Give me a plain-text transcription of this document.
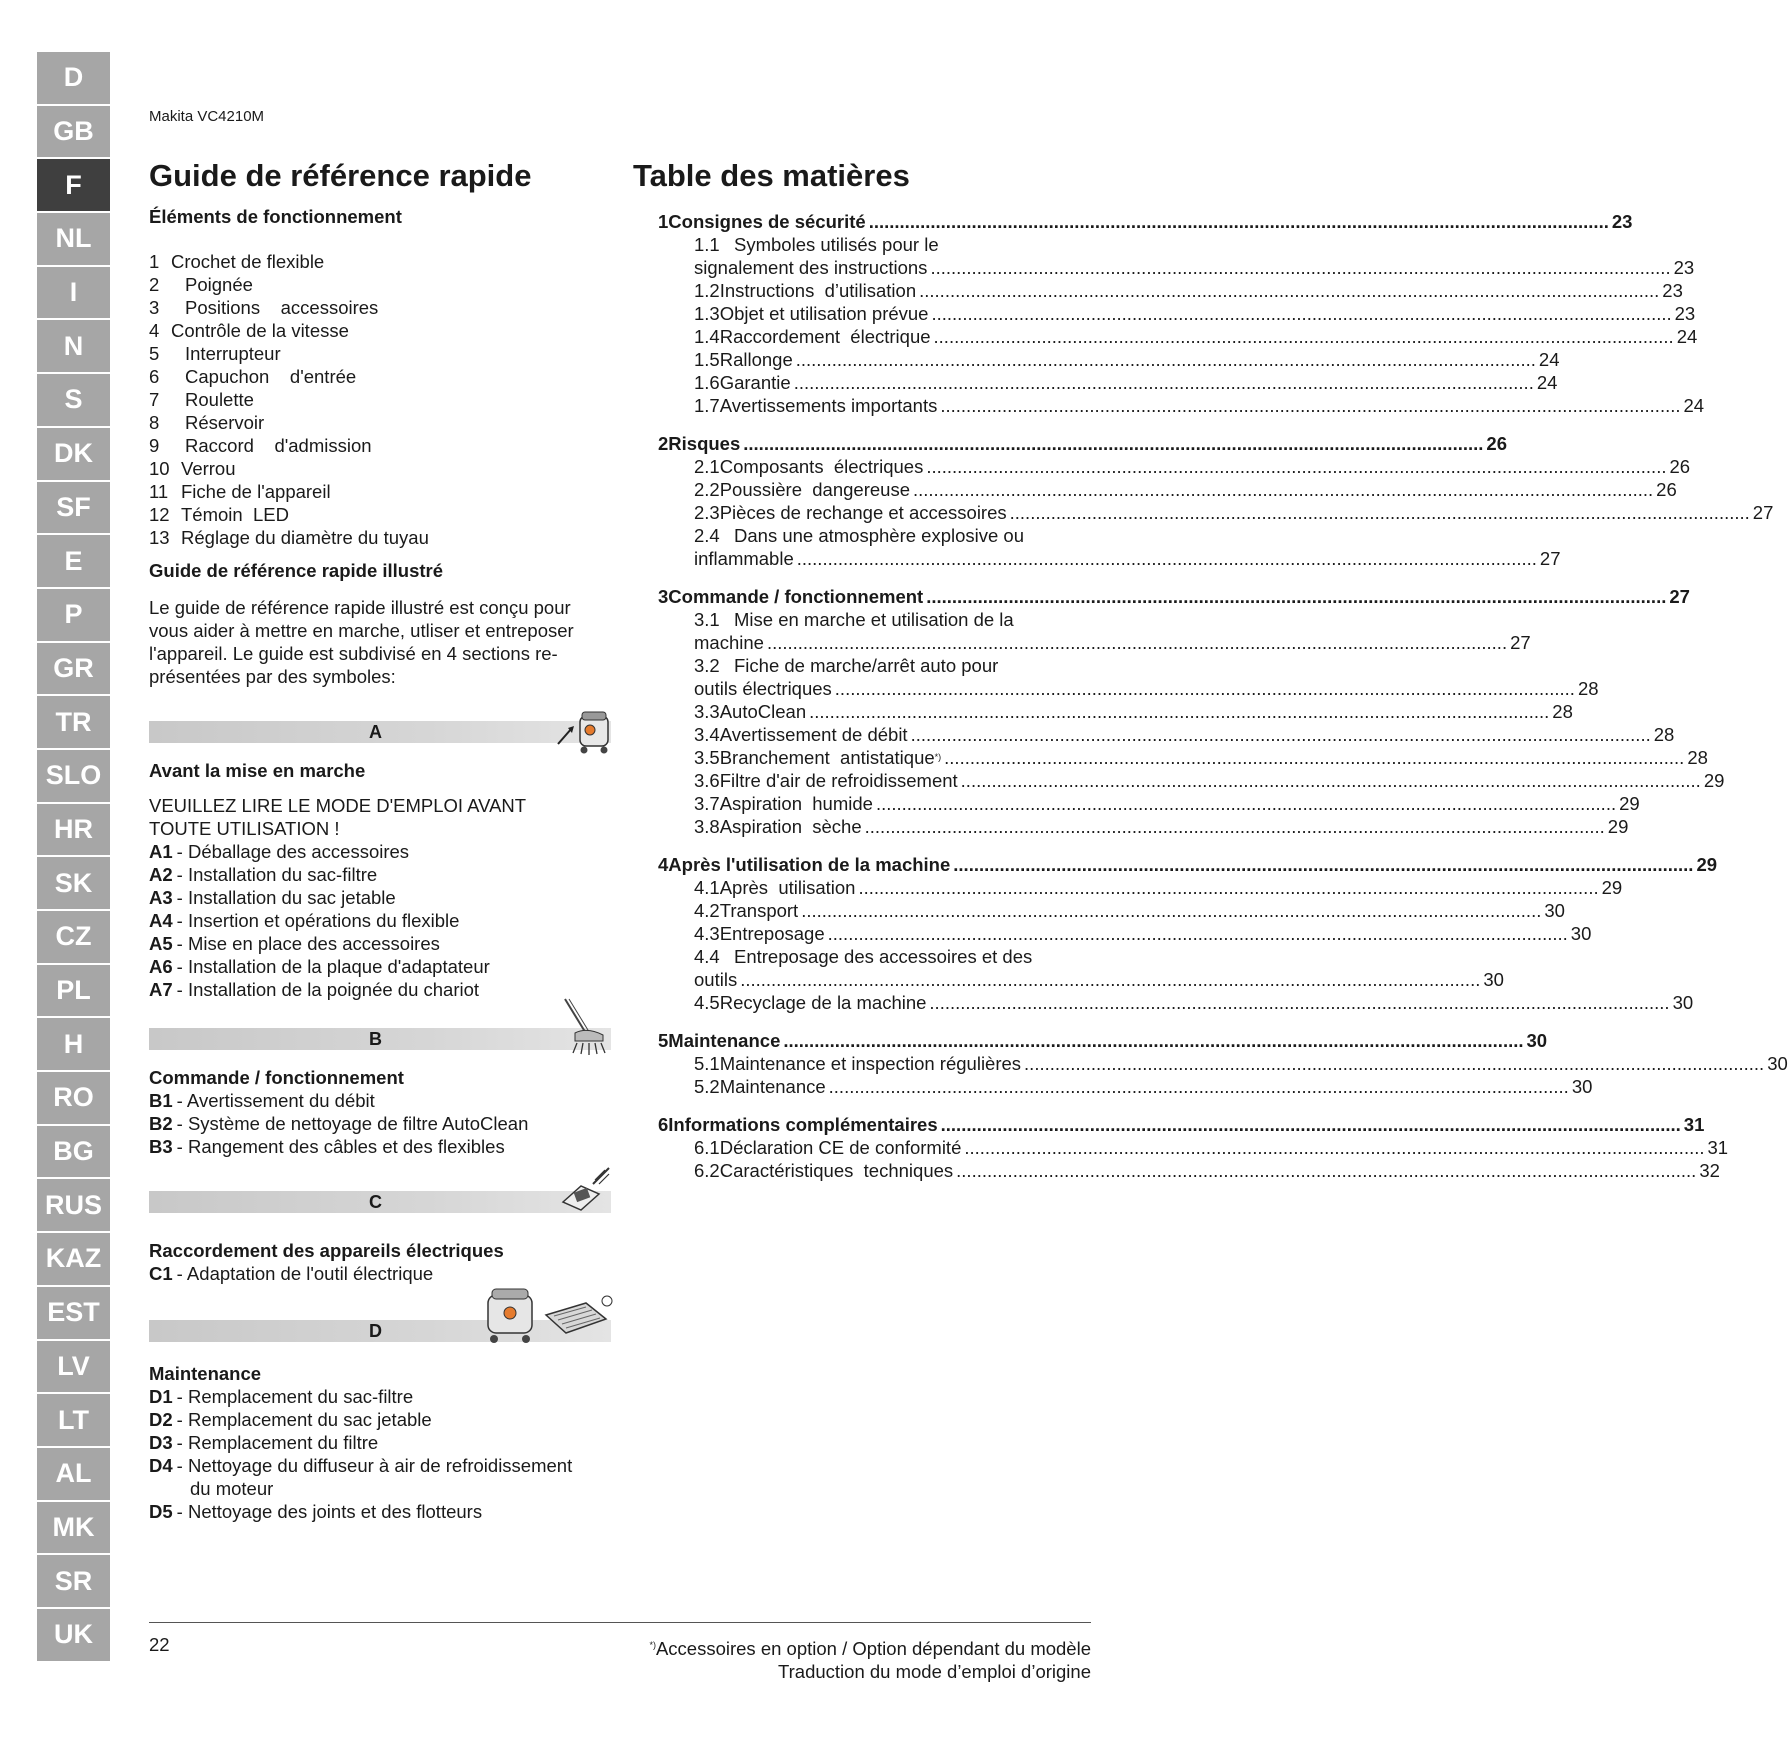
D
GB
F
NL
I
N
S
DK
SF
E
P
GR
TR
SLO
HR
SK
CZ
PL
H
RO
BG
RUS
KAZ
EST
LV
LT
AL
MK
SR
UK
Makita VC4210M
Guide de référence rapide	Table des matières
Éléments de fonctionnement
1 Crochet de flexible
2	Poignée
3	Positions    accessoires
4 Contrôle de la vitesse
5	Interrupteur
6	Capuchon    d'entrée
7	Roulette
8	Réservoir
9	Raccord    d'admission
10 Verrou
11 Fiche de l'appareil
12 Témoin  LED
13 Réglage du diamètre du tuyau
Guide de référence rapide illustré
Le guide de référence rapide illustré est conçu pour vous aider à mettre en marche, utliser et entreposer l'appareil. Le guide est subdivisé en 4 sections re-présentées par des symboles:
A
Avant la mise en marche
VEUILLEZ LIRE LE MODE D'EMPLOI AVANT TOUTE UTILISATION !
A1 - Déballage des accessoires
A2 - Installation du sac-filtre
A3 - Installation du sac jetable
A4 - Insertion et opérations du flexible
A5 - Mise en place des accessoires
A6 - Installation de la plaque d'adaptateur
A7 - Installation de la poignée du chariot
B
Commande / fonctionnement
B1 - Avertissement du débit
B2 - Système de nettoyage de filtre AutoClean
B3 - Rangement des câbles et des flexibles
C
Raccordement des appareils électriques
C1 - Adaptation de l'outil électrique
D
Maintenance
D1 - Remplacement du sac-filtre
D2 - Remplacement du sac jetable
D3 - Remplacement du filtre
D4 - Nettoyage du diffuseur à air de refroidissement
du moteur
D5 - Nettoyage des joints et des flotteurs
1 Consignes de sécurité .....	23
1.1 Symboles utilisés pour le
signalement des instructions .....	23
1.2 Instructions  d’utilisation .....	23
1.3 Objet et utilisation prévue .....	23
1.4 Raccordement  électrique .....	24
1.5 Rallonge .....	24
1.6 Garantie .....	24
1.7 Avertissements importants .....	24
2 Risques .....	26
2.1 Composants  électriques .....	26
2.2 Poussière  dangereuse .....	26
2.3 Pièces de rechange et accessoires .....	27
2.4 Dans une atmosphère explosive ou
inflammable .....	27
3 Commande / fonctionnement .....	27
3.1 Mise en marche et utilisation de la
machine .....	27
3.2 Fiche de marche/arrêt auto pour
outils électriques .....	28
3.3 AutoClean .....	28
3.4 Avertissement de débit .....	28
3.5 Branchement  antistatique *) .....	28
3.6 Filtre d'air de refroidissement .....	29
3.7 Aspiration  humide .....	29
3.8 Aspiration  sèche .....	29
4 Après l'utilisation de la machine .....	29
4.1 Après  utilisation .....	29
4.2 Transport .....	30
4.3 Entreposage .....	30
4.4 Entreposage des accessoires et des
outils .....	30
4.5 Recyclage de la machine .....	30
5 Maintenance .....	30
5.1 Maintenance et inspection régulières .....	30
5.2 Maintenance .....	30
6 Informations complémentaires .....	31
6.1 Déclaration CE de conformité .....	31
6.2 Caractéristiques  techniques .....	32
22	*)Accessoires en option / Option dépendant du modèle
Traduction du mode d’emploi d’origine
